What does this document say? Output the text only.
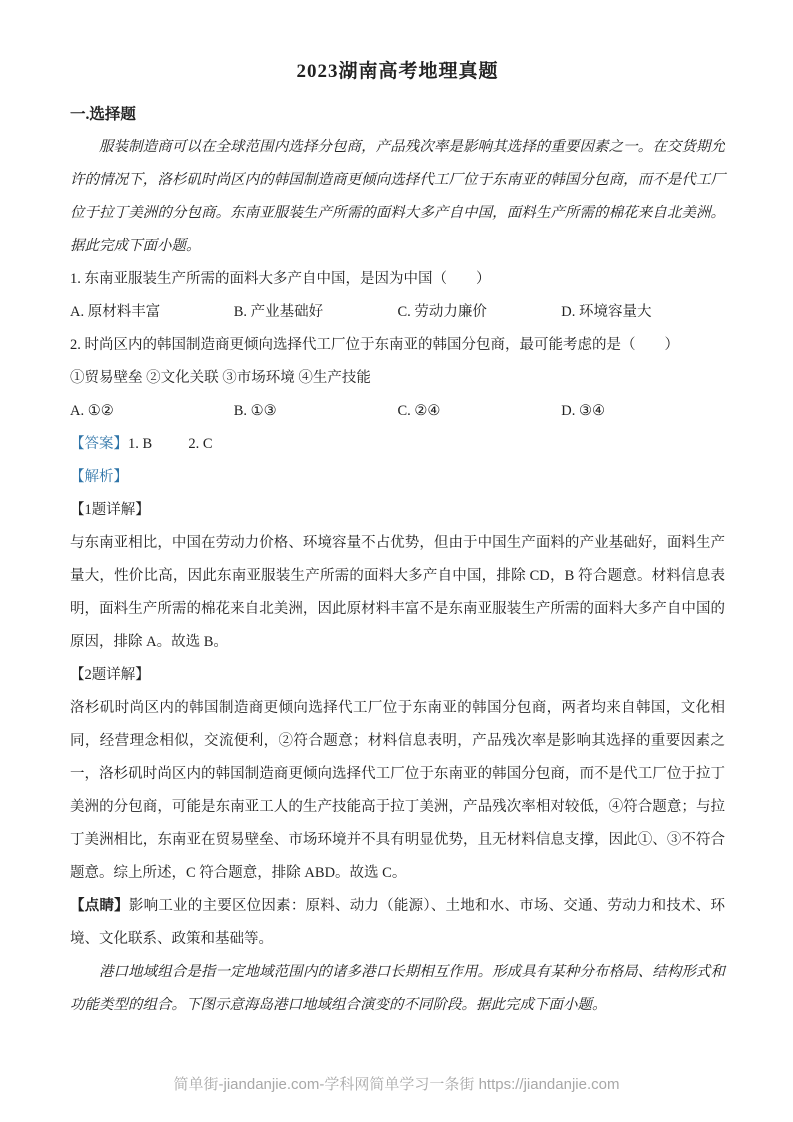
2023湖南高考地理真题
一.选择题
服装制造商可以在全球范围内选择分包商，产品残次率是影响其选择的重要因素之一。在交货期允许的情况下，洛杉矶时尚区内的韩国制造商更倾向选择代工厂位于东南亚的韩国分包商，而不是代工厂位于拉丁美洲的分包商。东南亚服装生产所需的面料大多产自中国，面料生产所需的棉花来自北美洲。据此完成下面小题。
1. 东南亚服装生产所需的面料大多产自中国，是因为中国（　　）
A. 原材料丰富	B. 产业基础好	C. 劳动力廉价	D. 环境容量大
2. 时尚区内的韩国制造商更倾向选择代工厂位于东南亚的韩国分包商，最可能考虑的是（　　）
①贸易壁垒 ②文化关联 ③市场环境 ④生产技能
A. ①②	B. ①③	C. ②④	D. ③④
【答案】1. B	2. C
【解析】
【1题详解】
与东南亚相比，中国在劳动力价格、环境容量不占优势，但由于中国生产面料的产业基础好，面料生产量大，性价比高，因此东南亚服装生产所需的面料大多产自中国，排除 CD，B 符合题意。材料信息表明，面料生产所需的棉花来自北美洲，因此原材料丰富不是东南亚服装生产所需的面料大多产自中国的原因，排除 A。故选 B。
【2题详解】
洛杉矶时尚区内的韩国制造商更倾向选择代工厂位于东南亚的韩国分包商，两者均来自韩国，文化相同，经营理念相似，交流便利，②符合题意；材料信息表明，产品残次率是影响其选择的重要因素之一，洛杉矶时尚区内的韩国制造商更倾向选择代工厂位于东南亚的韩国分包商，而不是代工厂位于拉丁美洲的分包商，可能是东南亚工人的生产技能高于拉丁美洲，产品残次率相对较低，④符合题意；与拉丁美洲相比，东南亚在贸易壁垒、市场环境并不具有明显优势，且无材料信息支撑，因此①、③不符合题意。综上所述，C 符合题意，排除 ABD。故选 C。
【点睛】影响工业的主要区位因素：原料、动力（能源）、土地和水、市场、交通、劳动力和技术、环境、文化联系、政策和基础等。
港口地域组合是指一定地域范围内的诸多港口长期相互作用。形成具有某种分布格局、结构形式和功能类型的组合。下图示意海岛港口地域组合演变的不同阶段。据此完成下面小题。
简单街-jiandanjie.com-学科网简单学习一条街 https://jiandanjie.com
